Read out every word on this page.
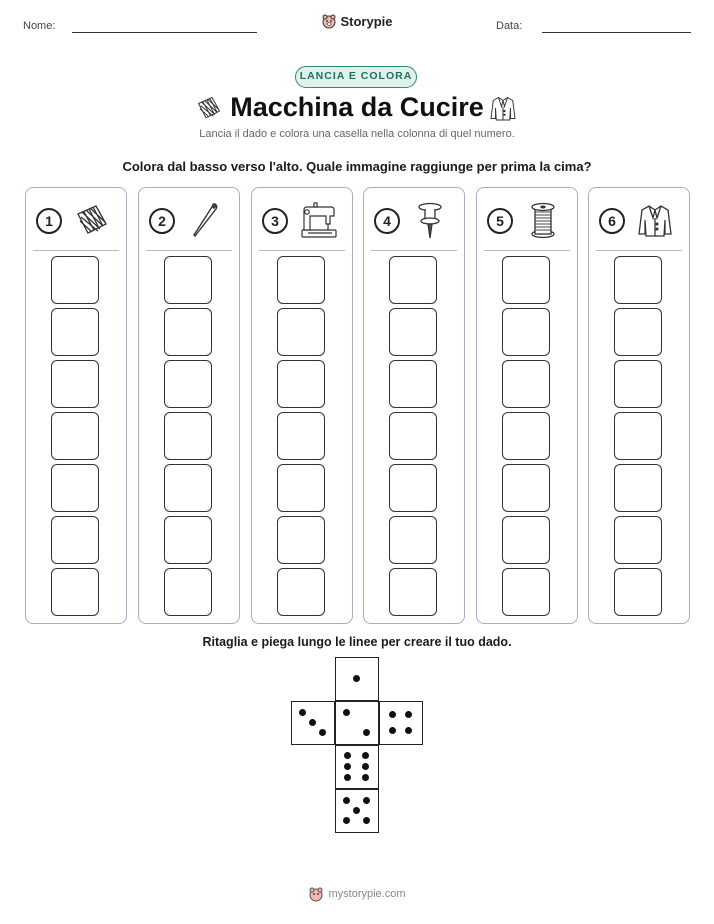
Nome:	Storypie	Data:
LANCIA E COLORA
Macchina da Cucire
Lancia il dado e colora una casella nella colonna di quel numero.
Colora dal basso verso l'alto. Quale immagine raggiunge per prima la cima?
1	2	3	4	5	6
Ritaglia e piega lungo le linee per creare il tuo dado.
mystorypie.com
